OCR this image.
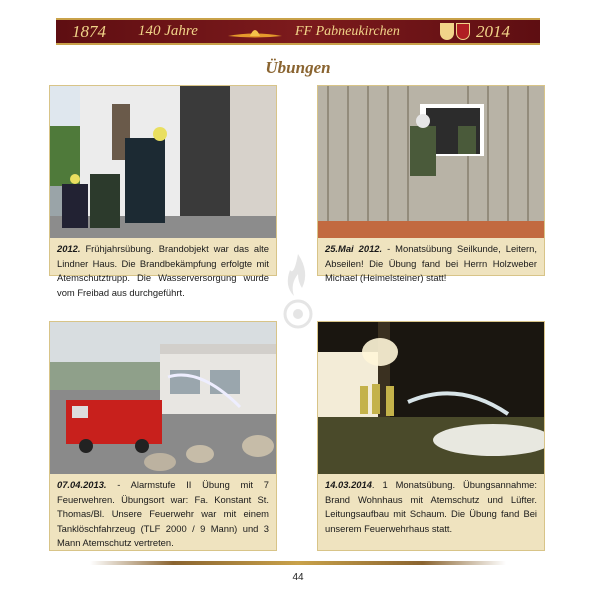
1874 140 Jahre	FF Pabneukirchen	2014
Übungen
2012. Frühjahrsübung. Brandobjekt war das alte Lindner Haus. Die Brandbekämpfung erfolgte mit Atemschutztrupp. Die Wasserversorgung wurde vom Freibad aus durchgeführt.
25.Mai 2012. - Monatsübung Seilkunde, Leitern, Abseilen! Die Übung fand bei Herrn Holzweber Michael (Heimelsteiner) statt!
07.04.2013. - Alarmstufe II Übung mit 7 Feuerwehren. Übungsort war: Fa. Konstant St. Thomas/Bl. Unsere Feuerwehr war mit einem Tanklöschfahrzeug (TLF 2000 / 9 Mann) und 3 Mann Atemschutz vertreten.
14.03.2014. 1 Monatsübung. Übungsannahme: Brand Wohnhaus mit Atemschutz und Lüfter. Leitungsaufbau mit Schaum. Die Übung fand Bei unserem Feuerwehrhaus statt.
44
